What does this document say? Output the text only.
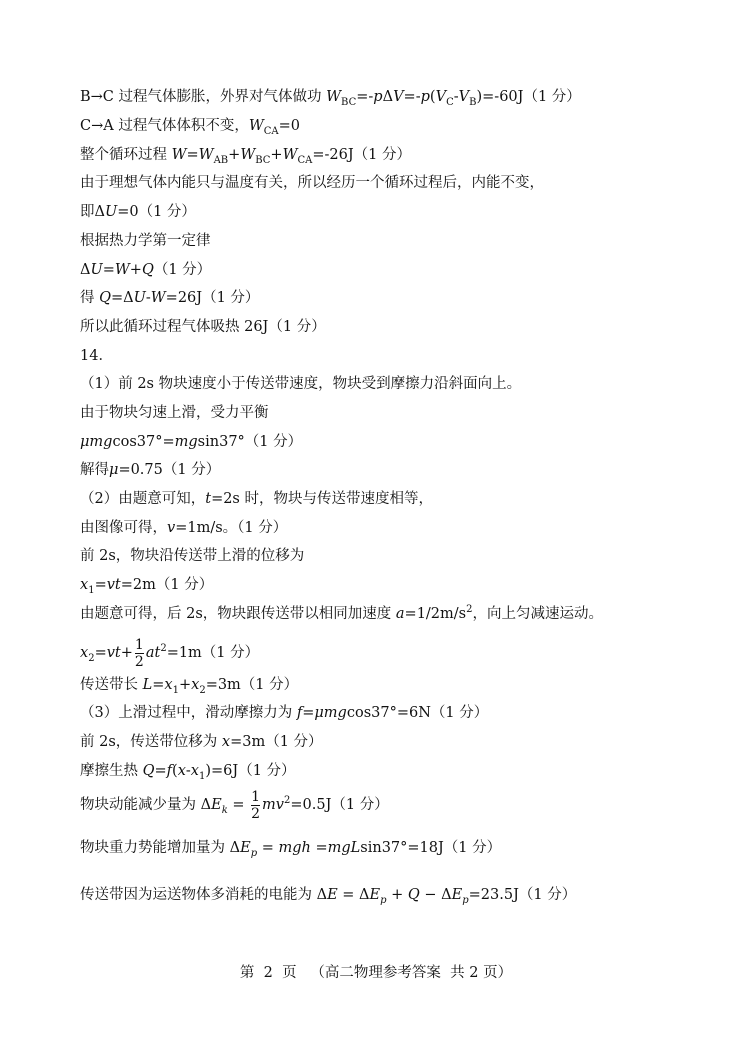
B→C 过程气体膨胀，外界对气体做功 $W_{BC}=-p\Delta V=-p(V_C-V_B)=-60J(1$ 分）
C→A 过程气体体积不变，$W_{CA}=0$
整个循环过程 $W=W_{AB}+W_{BC}+W_{CA}=-26J(1$ 分）
由于理想气体内能只与温度有关，所以经历一个循环过程后，内能不变，
即ΔU=0（1 分）
根据热力学第一定律
ΔU=W+Q（1 分）
得 Q=ΔU-W=26J（1 分）
所以此循环过程气体吸热 26J（1 分）
14．
（1）前 2s 物块速度小于传送带速度，物块受到摩擦力沿斜面向上。
由于物块匀速上滑，受力平衡
μmgcos37°=mgsin37°（1 分）
解得μ=0.75（1 分）
（2）由题意可知，t=2s 时，物块与传送带速度相等，
由图像可得，v=1m/s。（1 分）
前 2s，物块沿传送带上滑的位移为
$x_1=vt=2m(1$ 分）
由题意可得，后 2s，物块跟传送带以相同加速度 $a=1/2m/s^2$，向上匀减速运动。
$x_2=vt+ \frac{1}{2} at^2=1m(1$ 分）
传送带长 $L=x_1+x_2=3m(1$ 分）
（3）上滑过程中，滑动摩擦力为 f=μmgcos37°=6N（1 分）
前 2s，传送带位移为 x=3m（1 分）
摩擦生热 $Q=f(x-x_1)=6J(1$ 分）
物块动能减少量为 $\Delta E_k = \frac{1}{2} mv^2=0.5J(1$ 分）
物块重力势能增加量为 $\Delta E_p$ = mgh =mgLsin37°=18J（1 分）
传送带因为运送物体多消耗的电能为 $\Delta E = \Delta E_p + Q - \Delta E_p=23.5J(1$ 分）
第  2  页 （高二物理参考答案  共 2 页）
